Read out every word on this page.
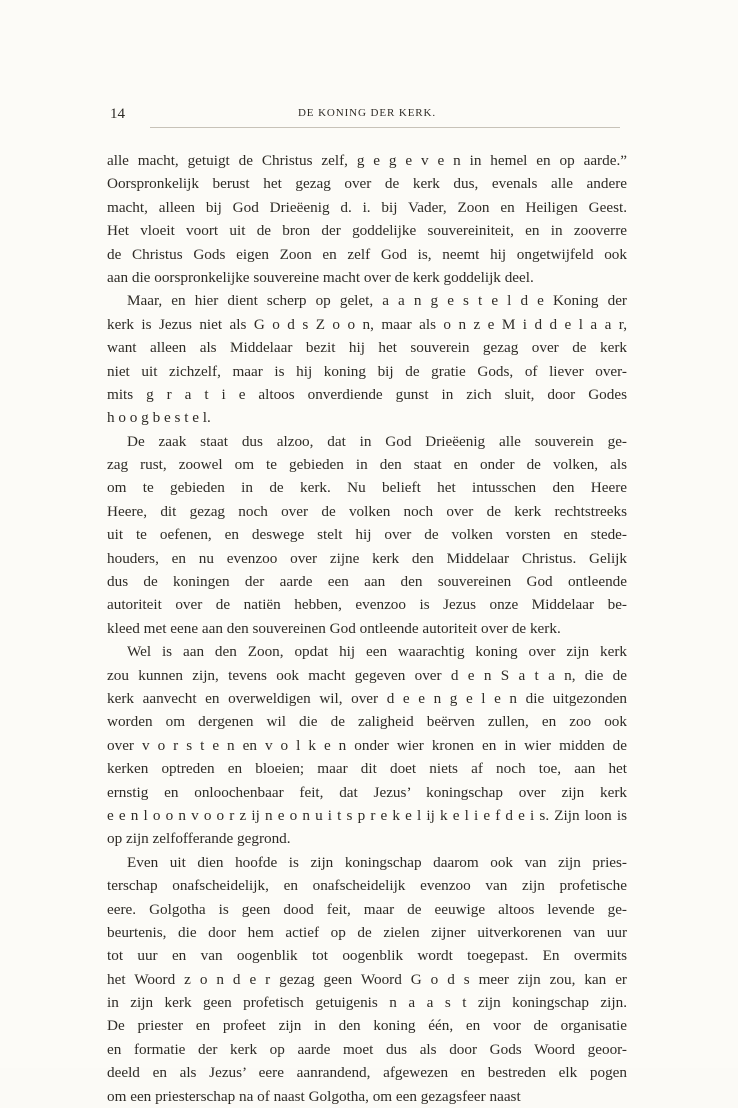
14	DE KONING DER KERK.
alle macht, getuigt de Christus zelf, g e g e v e n in hemel en op aarde.”
Oorspronkelijk berust het gezag over de kerk dus, evenals alle andere
macht, alleen bij God Drieëenig d. i. bij Vader, Zoon en Heiligen Geest.
Het vloeit voort uit de bron der goddelijke souvereiniteit, en in zooverre
de Christus Gods eigen Zoon en zelf God is, neemt hij ongetwijfeld ook
aan die oorspronkelijke souvereine macht over de kerk goddelijk deel.
Maar, en hier dient scherp op gelet, a a n g e s t e l d e Koning der
kerk is Jezus niet als G o d s Z o o n, maar als o n z e M i d d e l a a r,
want alleen als Middelaar bezit hij het souverein gezag over de kerk
niet uit zichzelf, maar is hij koning bij de gratie Gods, of liever over-
mits g r a t i e altoos onverdiende gunst in zich sluit, door Godes
h o o g b e s t e l.
De zaak staat dus alzoo, dat in God Drieëenig alle souverein ge-
zag rust, zoowel om te gebieden in den staat en onder de volken, als
om te gebieden in de kerk. Nu belieft het intusschen den Heere
Heere, dit gezag noch over de volken noch over de kerk rechtstreeks
uit te oefenen, en deswege stelt hij over de volken vorsten en stede-
houders, en nu evenzoo over zijne kerk den Middelaar Christus. Gelijk
dus de koningen der aarde een aan den souvereinen God ontleende
autoriteit over de natiën hebben, evenzoo is Jezus onze Middelaar be-
kleed met eene aan den souvereinen God ontleende autoriteit over de kerk.
Wel is aan den Zoon, opdat hij een waarachtig koning over zijn kerk
zou kunnen zijn, tevens ook macht gegeven over d e n S a t a n, die de
kerk aanvecht en overweldigen wil, over d e e n g e l e n die uitgezonden
worden om dergenen wil die de zaligheid beërven zullen, en zoo ook
over v o r s t e n en v o l k e n onder wier kronen en in wier midden de
kerken optreden en bloeien; maar dit doet niets af noch toe, aan het
ernstig en onloochenbaar feit, dat Jezus’ koningschap over zijn kerk
e e n l o o n v o o r z ij n e o n u i t s p r e k e l ij k e l i e f d e i s. Zijn loon is
op zijn zelfofferande gegrond.
Even uit dien hoofde is zijn koningschap daarom ook van zijn pries-
terschap onafscheidelijk, en onafscheidelijk evenzoo van zijn profetische
eere. Golgotha is geen dood feit, maar de eeuwige altoos levende ge-
beurtenis, die door hem actief op de zielen zijner uitverkorenen van uur
tot uur en van oogenblik tot oogenblik wordt toegepast. En overmits
het Woord z o n d e r gezag geen Woord G o d s meer zijn zou, kan er
in zijn kerk geen profetisch getuigenis n a a s t zijn koningschap zijn.
De priester en profeet zijn in den koning één, en voor de organisatie
en formatie der kerk op aarde moet dus als door Gods Woord geoor-
deeld en als Jezus’ eere aanrandend, afgewezen en bestreden elk pogen
om een priesterschap na of naast Golgotha, om een gezagsfeer naast
